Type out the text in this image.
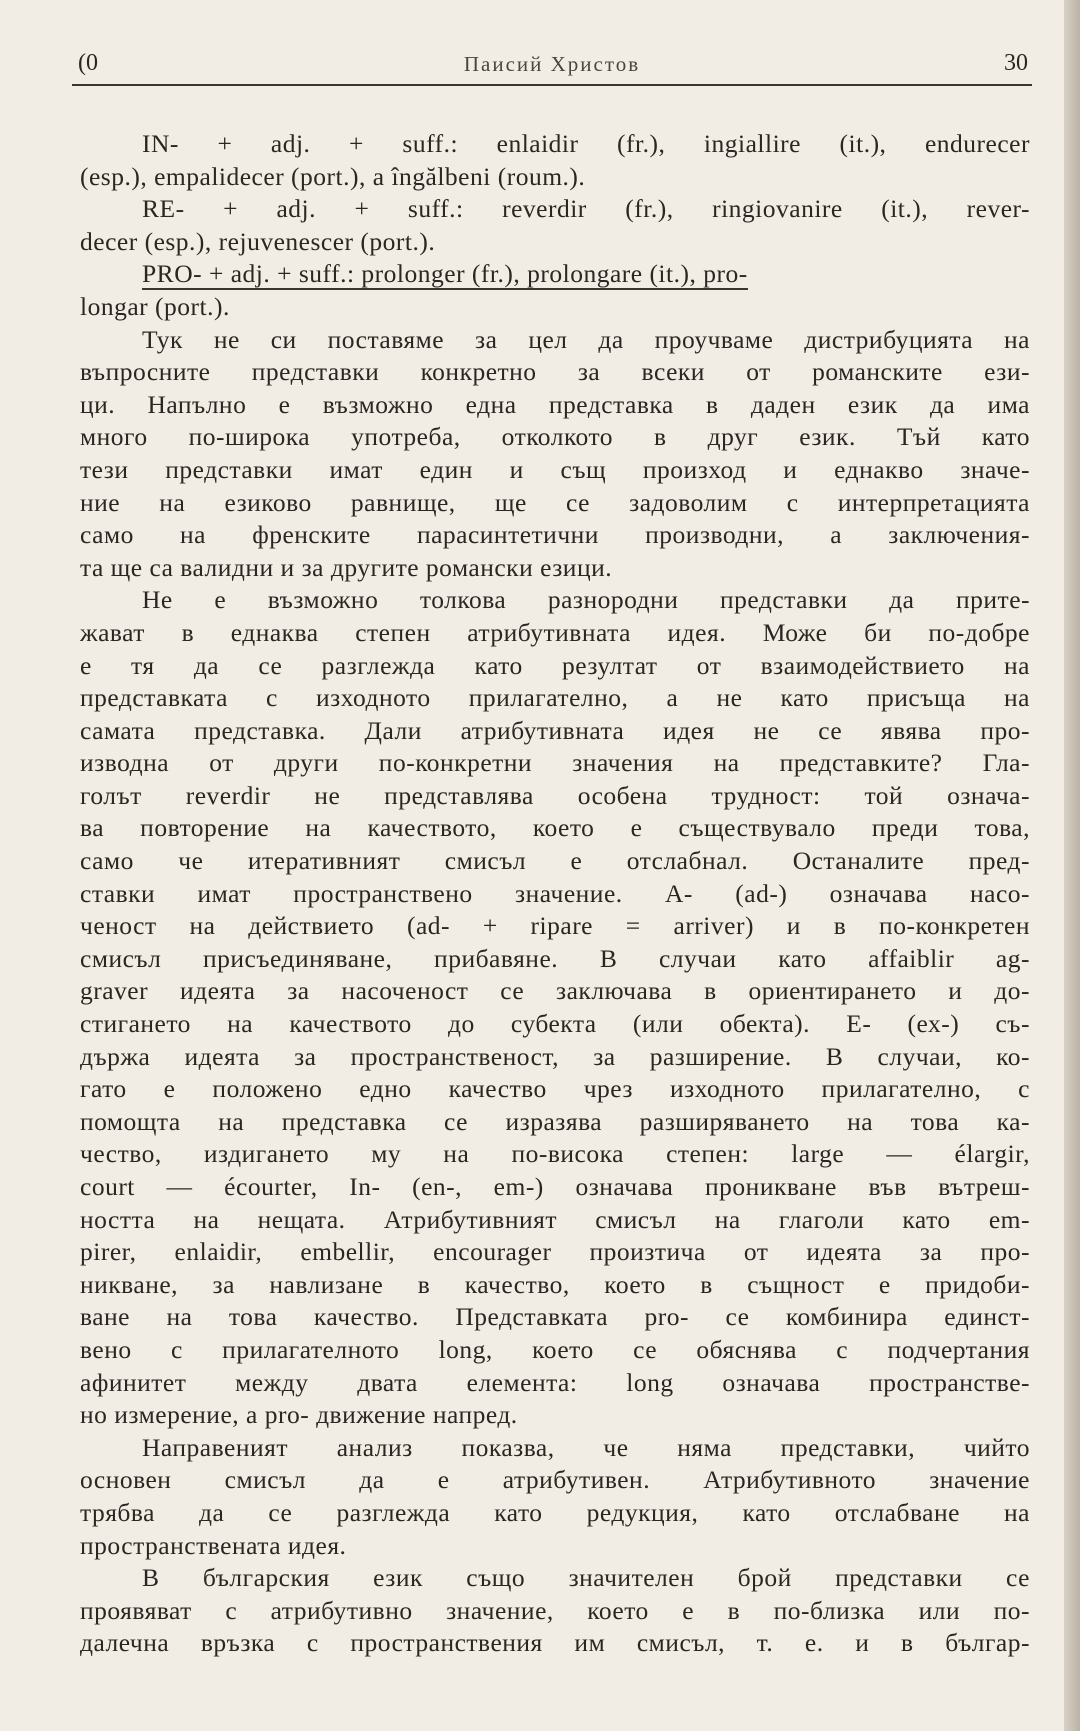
(0	Паисий Христов	30
IN- + adj. + suff.: enlaidir (fr.), ingiallire (it.), endurecer
(esp.), empalidecer (port.), a îngălbeni (roum.).
RE- + adj. + suff.: reverdir (fr.), ringiovanire (it.), rever-
decer (esp.), rejuvenescer (port.).
PRO- + adj. + suff.: prolonger (fr.), prolongare (it.), pro-
longar (port.).
Тук не си поставяме за цел да проучваме дистрибуцията на
въпросните представки конкретно за всеки от романските ези-
ци. Напълно е възможно една представка в даден език да има
много по-широка употреба, отколкото в друг език. Тъй като
тези представки имат един и същ произход и еднакво значе-
ние на езиково равнище, ще се задоволим с интерпретацията
само на френските парасинтетични производни, а заключения-
та ще са валидни и за другите романски езици.
Не е възможно толкова разнородни представки да прите-
жават в еднаква степен атрибутивната идея. Може би по-добре
е тя да се разглежда като резултат от взаимодействието на
представката с изходното прилагателно, а не като присъща на
самата представка. Дали атрибутивната идея не се явява про-
изводна от други по-конкретни значения на представките? Гла-
голът reverdir не представлява особена трудност: той означа-
ва повторение на качеството, което е съществувало преди това,
само че итеративният смисъл е отслабнал. Останалите пред-
ставки имат пространствено значение. А- (ad-) означава насо-
ченост на действието (ad- + ripare = arriver) и в по-конкретен
смисъл присъединяване, прибавяне. В случаи като affaiblir ag-
graver идеята за насоченост се заключава в ориентирането и до-
стигането на качеството до субекта (или обекта). Е- (ех-) съ-
държа идеята за пространственост, за разширение. В случаи, ко-
гато е положено едно качество чрез изходното прилагателно, с
помощта на представка се изразява разширяването на това ка-
чество, издигането му на по-висока степен: large — élargir,
court — écourter, In- (en-, em-) означава проникване във вътреш-
ността на нещата. Атрибутивният смисъл на глаголи като em-
pirer, enlaidir, embellir, encourager произтича от идеята за про-
никване, за навлизане в качество, което в същност е придоби-
ване на това качество. Представката pro- се комбинира единст-
вено с прилагателното long, което се обяснява с подчертания
афинитет между двата елемента: long означава пространстве-
но измерение, а pro- движение напред.
Направеният анализ показва, че няма представки, чийто
основен смисъл да е атрибутивен. Атрибутивното значение
трябва да се разглежда като редукция, като отслабване на
пространствената идея.
В българския език също значителен брой представки се
проявяват с атрибутивно значение, което е в по-близка или по-
далечна връзка с пространствения им смисъл, т. е. и в българ-
